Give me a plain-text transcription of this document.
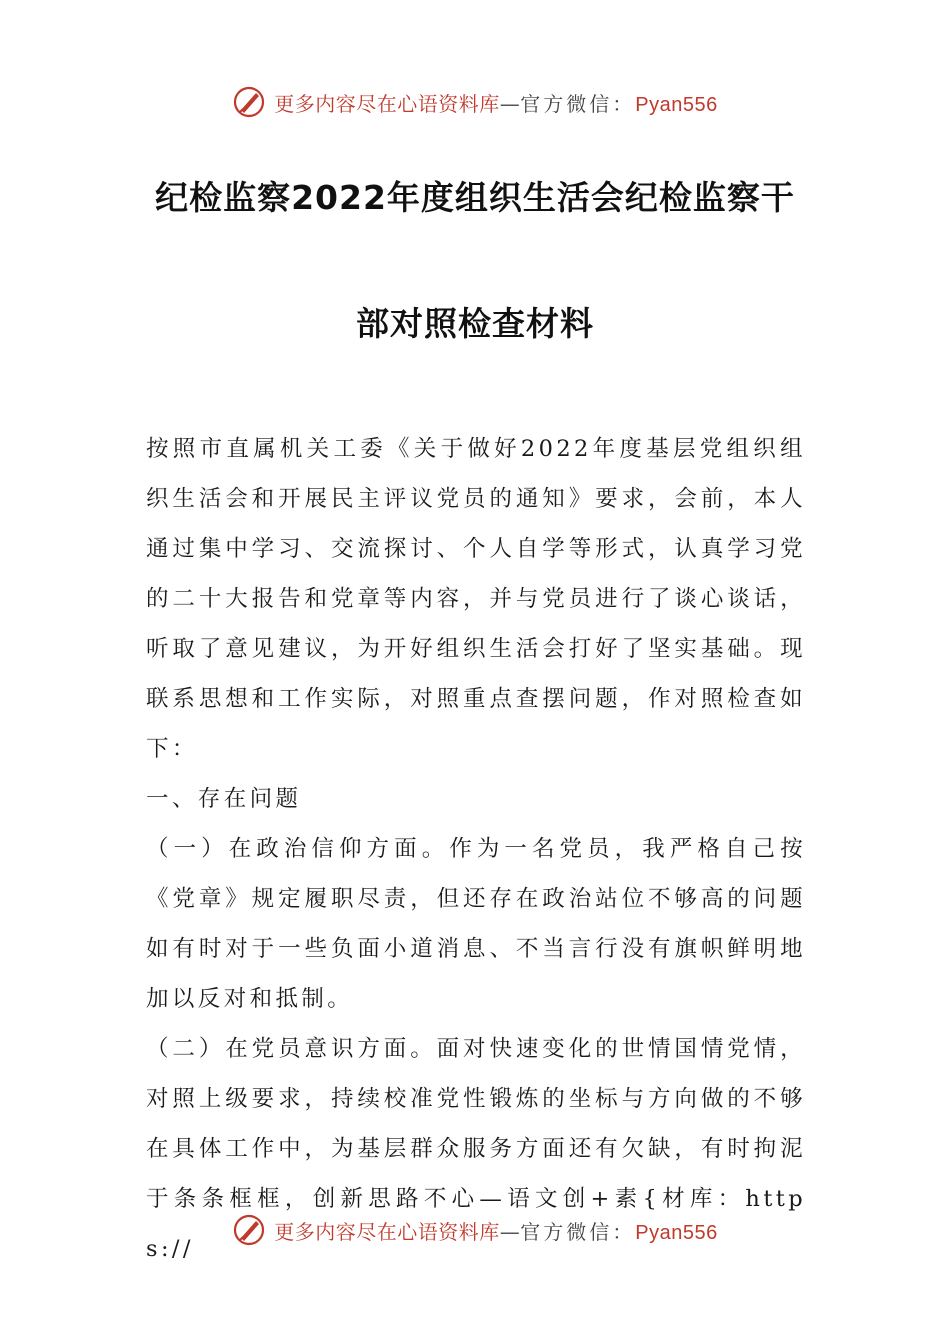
更多内容尽在心语资料库—官方微信：Pyan556
纪检监察2022年度组织生活会纪检监察干
部对照检查材料

按照市直属机关工委《关于做好2022年度基层党组织组织生活会和开展民主评议党员的通知》要求，会前，本人通过集中学习、交流探讨、个人自学等形式，认真学习党的二十大报告和党章等内容，并与党员进行了谈心谈话，听取了意见建议，为开好组织生活会打好了坚实基础。现联系思想和工作实际，对照重点查摆问题，作对照检查如下：

一、存在问题

（一）在政治信仰方面。作为一名党员，我严格自己按《党章》规定履职尽责，但还存在政治站位不够高的问题如有时对于一些负面小道消息、不当言行没有旗帜鲜明地加以反对和抵制。

（二）在党员意识方面。面对快速变化的世情国情党情，对照上级要求，持续校准党性锻炼的坐标与方向做的不够在具体工作中，为基层群众服务方面还有欠缺，有时拘泥于条条框框，创新思路不心—语文创+素{材库：https://

更多内容尽在心语资料库—官方微信：Pyan556
